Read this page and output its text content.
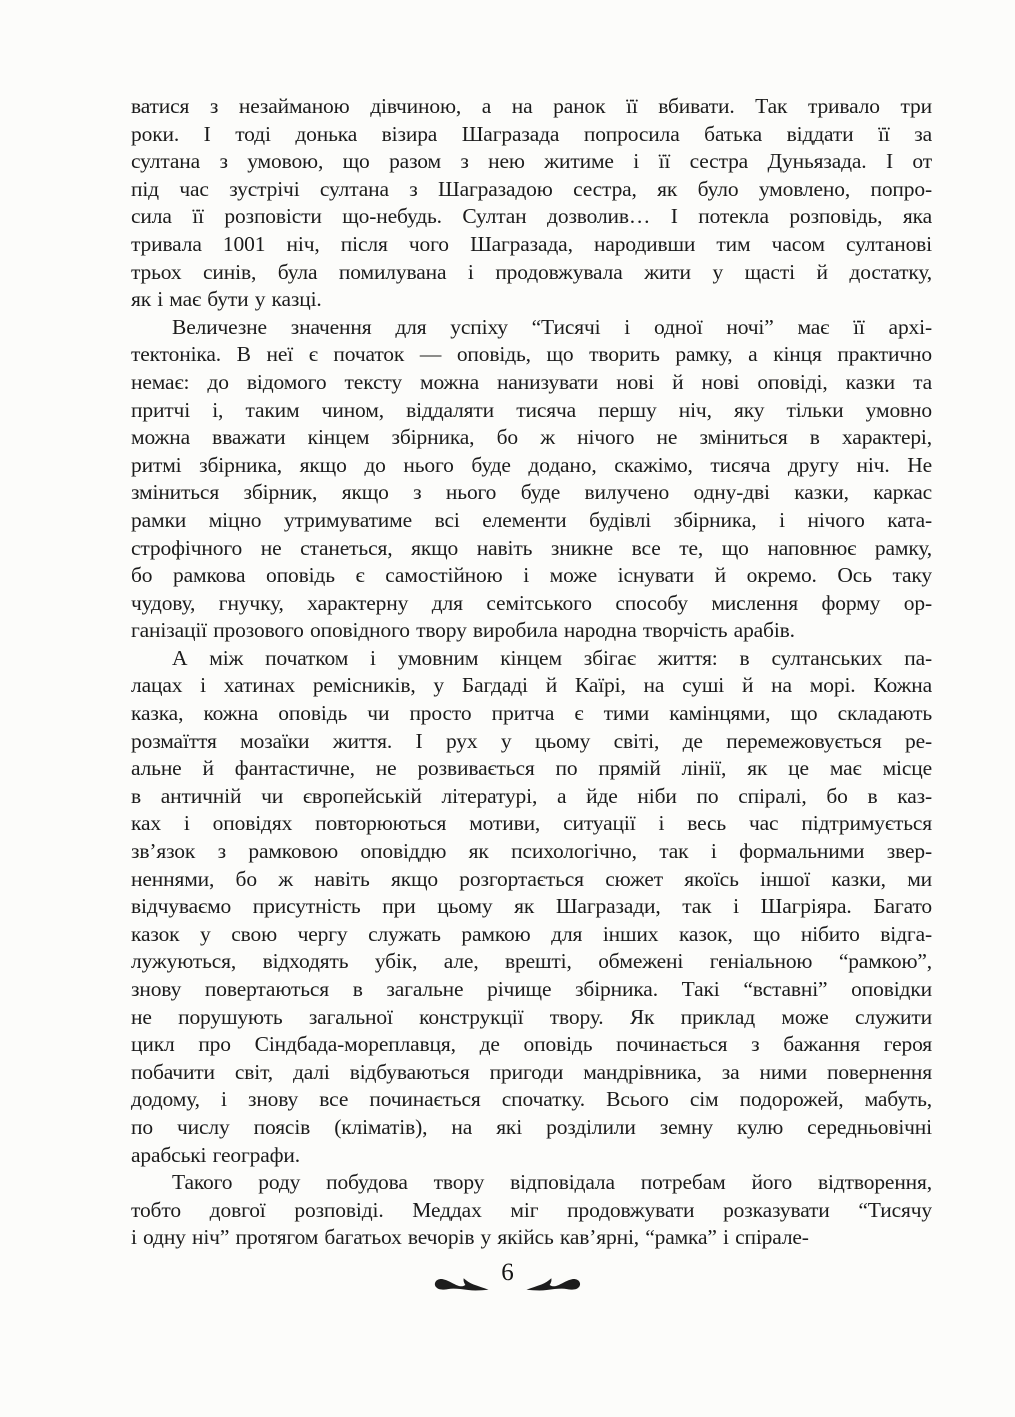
ватися з незайманою дівчиною, а на ранок її вбивати. Так тривало три
роки. І тоді донька візира Шагразада попросила батька віддати її за
султана з умовою, що разом з нею житиме і її сестра Дуньязада. І от
під час зустрічі султана з Шагразадою сестра, як було умовлено, попро-
сила її розповісти що-небудь. Султан дозволив… І потекла розповідь, яка
тривала 1001 ніч, після чого Шагразада, народивши тим часом султанові
трьох синів, була помилувана і продовжувала жити у щасті й достатку,
як і має бути у казці.
Величезне значення для успіху “Тисячі і одної ночі” має її архі-
тектоніка. В неї є початок — оповідь, що творить рамку, а кінця практично
немає: до відомого тексту можна нанизувати нові й нові оповіді, казки та
притчі і, таким чином, віддаляти тисяча першу ніч, яку тільки умовно
можна вважати кінцем збірника, бо ж нічого не зміниться в характері,
ритмі збірника, якщо до нього буде додано, скажімо, тисяча другу ніч. Не
зміниться збірник, якщо з нього буде вилучено одну-дві казки, каркас
рамки міцно утримуватиме всі елементи будівлі збірника, і нічого ката-
строфічного не станеться, якщо навіть зникне все те, що наповнює рамку,
бо рамкова оповідь є самостійною і може існувати й окремо. Ось таку
чудову, гнучку, характерну для семітського способу мислення форму ор-
ганізації прозового оповідного твору виробила народна творчість арабів.
А між початком і умовним кінцем збігає життя: в султанських па-
лацах і хатинах ремісників, у Багдаді й Каїрі, на суші й на морі. Кожна
казка, кожна оповідь чи просто притча є тими камінцями, що складають
розмаїття мозаїки життя. І рух у цьому світі, де перемежовується ре-
альне й фантастичне, не розвивається по прямій лінії, як це має місце
в античній чи європейській літературі, а йде ніби по спіралі, бо в каз-
ках і оповідях повторюються мотиви, ситуації і весь час підтримується
зв’язок з рамковою оповіддю як психологічно, так і формальними звер-
неннями, бо ж навіть якщо розгортається сюжет якоїсь іншої казки, ми
відчуваємо присутність при цьому як Шагразади, так і Шагріяра. Багато
казок у свою чергу служать рамкою для інших казок, що нібито відга-
лужуються, відходять убік, але, врешті, обмежені геніальною “рамкою”,
знову повертаються в загальне річище збірника. Такі “вставні” оповідки
не порушують загальної конструкції твору. Як приклад може служити
цикл про Сіндбада-мореплавця, де оповідь починається з бажання героя
побачити світ, далі відбуваються пригоди мандрівника, за ними повернення
додому, і знову все починається спочатку. Всього сім подорожей, мабуть,
по числу поясів (кліматів), на які розділили земну кулю середньовічні
арабські географи.
Такого роду побудова твору відповідала потребам його відтворення,
тобто довгої розповіді. Меддах міг продовжувати розказувати “Тисячу
і одну ніч” протягом багатьох вечорів у якійсь кав’ярні, “рамка” і спірале-
6
